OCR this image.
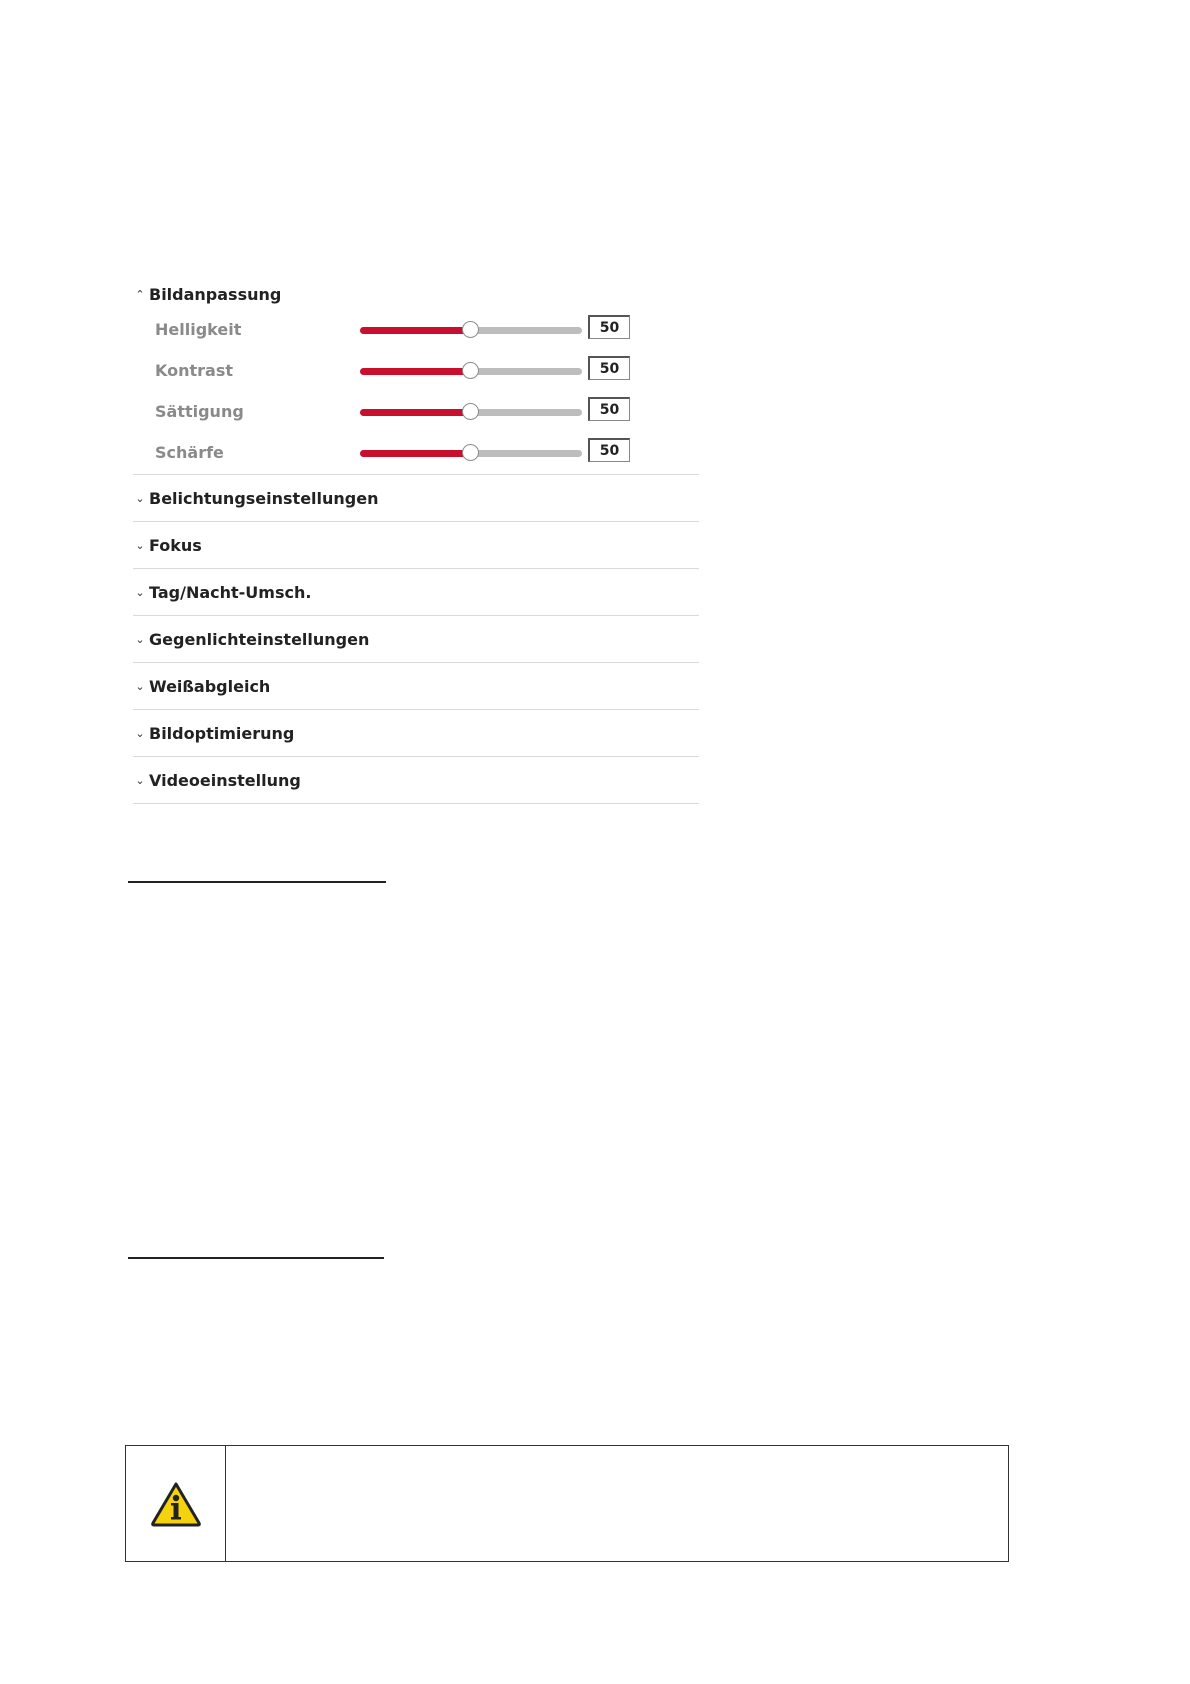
⌃ Bildanpassung
Helligkeit
50
Kontrast
50
Sättigung
50
Schärfe
50
⌄ Belichtungseinstellungen
⌄ Fokus
⌄ Tag/Nacht-Umsch.
⌄ Gegenlichteinstellungen
⌄ Weißabgleich
⌄ Bildoptimierung
⌄ Videoeinstellung
